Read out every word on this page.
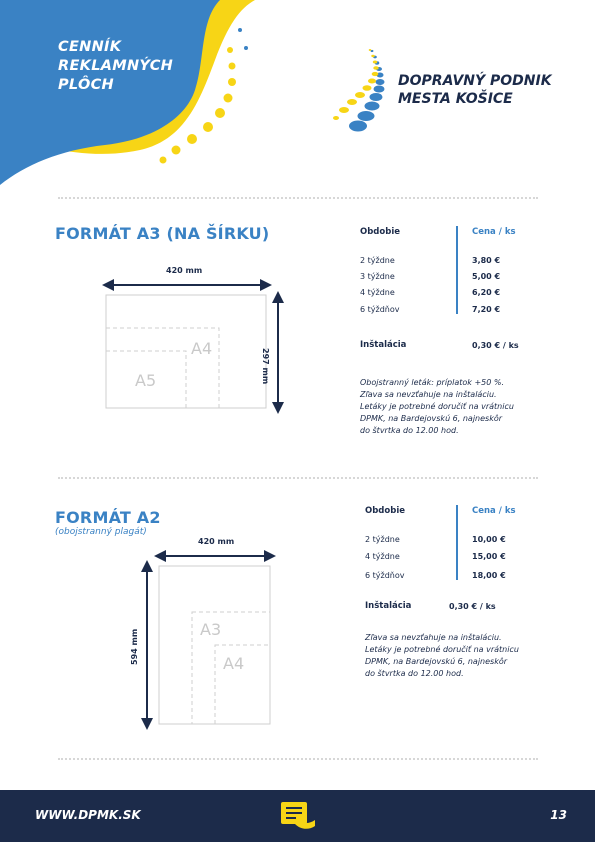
CENNÍK
REKLAMNÝCH
PLÔCH	DOPRAVNÝ PODNIK
MESTA KOŠICE
FORMÁT A3 (NA ŠÍRKU)
420 mm
297 mm
A4
A5
Obdobie	Cena / ks
2 týždne	3,80 €
3 týždne	5,00 €
4 týždne	6,20 €
6 týždňov	7,20 €
Inštalácia	0,30 € / ks
Obojstranný leták: príplatok +50 %.
Zľava sa nevzťahuje na inštaláciu.
Letáky je potrebné doručiť na vrátnicu
DPMK, na Bardejovskú 6, najneskôr
do štvrtka do 12.00 hod.
FORMÁT A2
(obojstranný plagát)
420 mm
594 mm	A3
A4
Obdobie	Cena / ks
2 týždne	10,00 €
4 týždne	15,00 €
6 týždňov	18,00 €
Inštalácia	0,30 € / ks
Zľava sa nevzťahuje na inštaláciu.
Letáky je potrebné doručiť na vrátnicu
DPMK, na Bardejovskú 6, najneskôr
do štvrtka do 12.00 hod.
WWW.DPMK.SK	13
